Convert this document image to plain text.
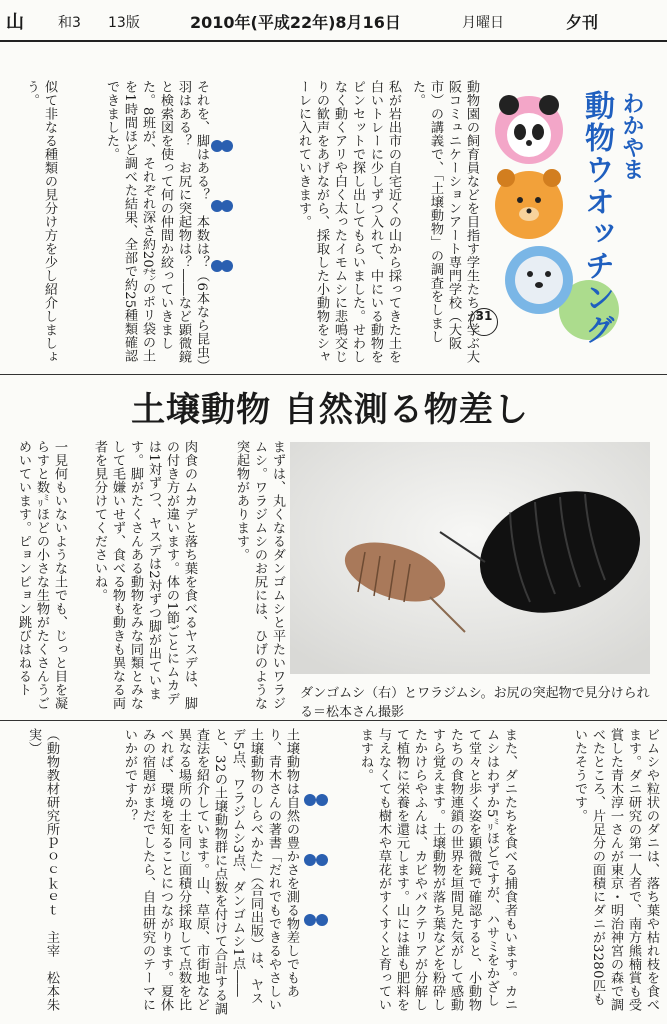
山 和3 13版	2010年(平成22年)8月16日	月曜日	夕刊
わかやま
動物ウオッチング
31
動物園の飼育員などを目指す学生たちが学ぶ大阪コミュニケーションアート専門学校（大阪市）の講義で、「土壌動物」の調査をしました。
私が岩出市の自宅近くの山から採ってきた土を白いトレーに少しずつ入れて、中にいる動物をピンセットで探し出してもらいました。せわしなく動くアリや白く太ったイモムシに悲鳴交じりの歓声をあげながら、採取した小動物をシャーレに入れていきます。
それを、脚はある？　本数は？（6本なら昆虫）　羽はある？　お尻に突起物は？――など顕微鏡と検索図を使って何の仲間か絞っていきました。8班が、それぞれ深さ約20㌢のポリ袋の土を1時間ほど調べた結果、全部で約25種類確認できました。
似て非なる種類の見分け方を少し紹介しましょう。
土壌動物 自然測る物差し
ダンゴムシ（右）とワラジムシ。お尻の突起物で見分けられる＝松本さん撮影
まずは、丸くなるダンゴムシと平たいワラジムシ。ワラジムシのお尻には、ひげのような突起物があります。
肉食のムカデと落ち葉を食べるヤスデは、脚の付き方が違います。体の1節ごとにムカデは1対ずつ、ヤスデは2対ずつ脚が出ています。脚がたくさんある動物をみな同類とみなして毛嫌いせず、食べる物も動きも異なる両者を見分けてくださいね。
一見何もいないような土でも、じっと目を凝らすと数㍉ほどの小さな生物がたくさんうごめいています。ピョンピョン跳びはねるト
ビムシや粒状のダニは、落ち葉や枯れ枝を食べます。ダニ研究の第一人者で、南方熊楠賞も受賞した青木淳一さんが東京・明治神宮の森で調べたところ、片足分の面積にダニが3280匹もいたそうです。
また、ダニたちを食べる捕食者もいます。カニムシはわずか5㍉ほどですが、ハサミをかざして堂々と歩く姿を顕微鏡で確認すると、小動物たちの食物連鎖の世界を垣間見た気がして感動すら覚えます。土壌動物が落ち葉などを粉砕したかけらやふんは、カビやバクテリアが分解して植物に栄養を還元します。山には誰も肥料を与えなくても樹木や草花がすくすくと育っていますね。
土壌動物は自然の豊かさを測る物差しでもあり、青木さんの著書「だれでもできるやさしい土壌動物のしらべかた」（合同出版）は、ヤスデ5点、ワラジムシ3点、ダンゴムシ1点――と、32の土壌動物群に点数を付けて合計する調査法を紹介しています。山、草原、市街地など異なる場所の土を同じ面積分採取して点数を比べれば、環境を知ることにつながります。夏休みの宿題がまだでしたら、自由研究のテーマにいかがですか？
（動物教材研究所ｐｏｃｋｅｔ　主宰　松本朱実）
